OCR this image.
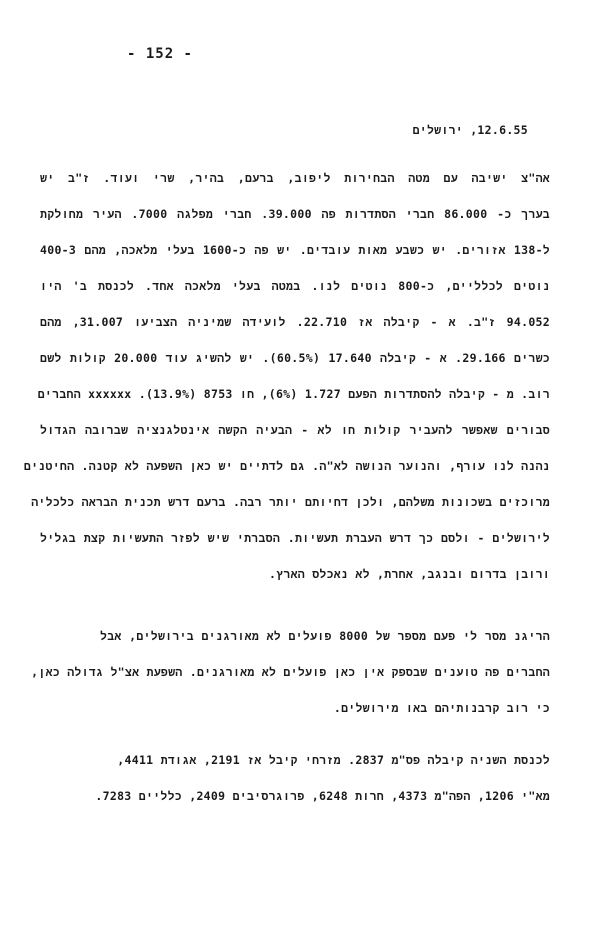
- 152 -
12.6.55, ירושלים
אה"צ ישיבה עם מטה הבחירות ליפוב, ברעם, בהיר, שרי ועוד. ז"ב יש
בערך כ- 86.000 חברי הסתדרות פה 39.000. חברי מפלגה 7000. העיר מחולקת
ל-138 אזורים. יש כשבע מאות עובדים. יש פה כ-1600 בעלי מלאכה, מהם 400-3
נוטים לכלליים, כ-800 נוטים לנו. במטה בעלי מלאכה אחד. לכנסת ב' היו
94.052 ז"ב. א - קיבלה אז 22.710. לועידה שמיניה הצביעו 31.007, מהם
כשרים 29.166. א - קיבלה 17.640 (60.5%). יש להשיג עוד 20.000 קולות לשם
רוב. מ - קיבלה להסתדרות הפעם 1.727 (6%), חו 8753 (13.9%). xxxxxx החברים
סבורים שאפשר להעביר קולות חו לא - הבעיה הקשה אינטלגנציה שברובה הגדול
נהנה לנו עורף, והנוער הנושה לא"ה. גם לדתיים יש כאן השפעה לא קטנה. החיטנים
מרוכזים בשכונות משלהם, ולכן דחיותם יותר רבה. ברעם דרש תכנית הבראה כלכליה
לירושלים - ולסם כך דרש העברת תעשיות. הסברתי שיש לפזר התעשיות קצת בגליל
ורובן בדרום ובנגב, אחרת, לא נאכלס הארץ.
הריגנ מסר לי פעם מספר של 8000 פועלים לא מאורגנים בירושלים, אבל
החברים פה טוענים שבספק אין כאן פועלים לא מאורגנים. השפעת אצ"ל גדולה כאן,
כי רוב קרבנותיהם באו מירושלים.
לכנסת השניה קיבלה פס"מ 2837. מזרחי קיבל אז 2191, אגודת 4411,
מא"י 1206, הפה"מ 4373, חרות 6248, פרוגרסיבים 2409, כלליים 7283.
